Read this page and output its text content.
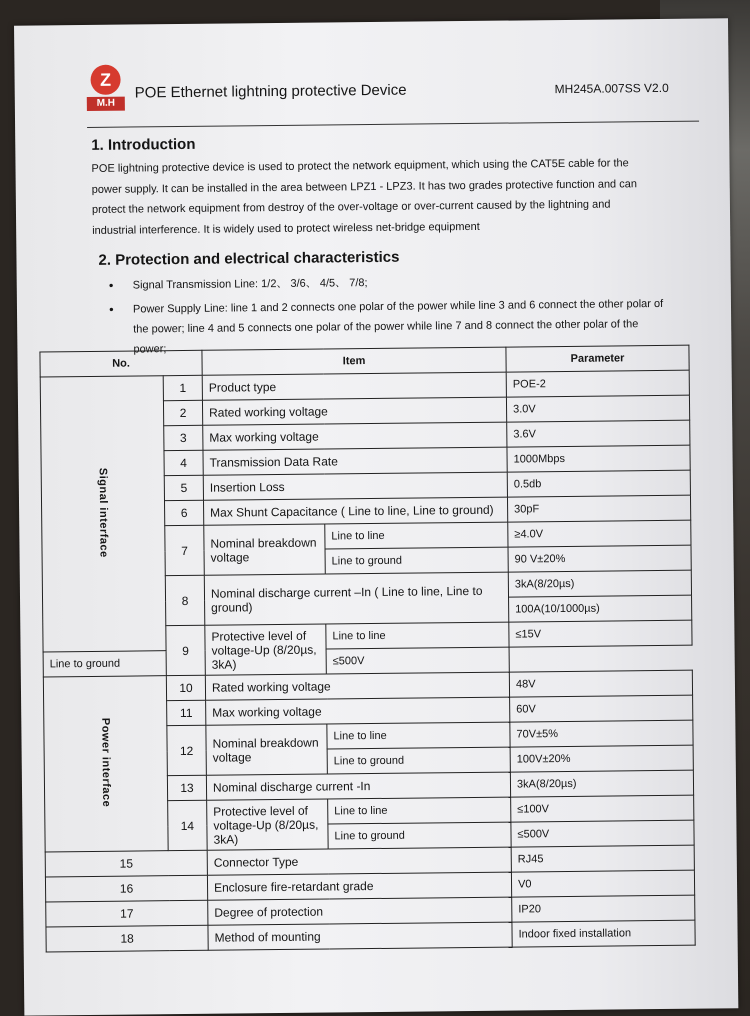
Z
M.H
POE Ethernet lightning protective Device	MH245A.007SS V2.0
1. Introduction
POE lightning protective device is used to protect the network equipment, which using the CAT5E cable for the power supply. It can be installed in the area between LPZ1 - LPZ3. It has two grades protective function and can protect the network equipment from destroy of the over-voltage or over-current caused by the lightning and industrial interference. It is widely used to protect wireless net-bridge equipment
2. Protection and electrical characteristics
● Signal Transmission Line: 1/2、 3/6、 4/5、 7/8;
● Power Supply Line: line 1 and 2 connects one polar of the power while line 3 and 6 connect the other polar of the power; line 4 and 5 connects one polar of the power while line 7 and 8 connect the other polar of the power;
No.		Item		Parameter
Signal interface	1	Product type		POE-2
	2	Rated working voltage		3.0V
	3	Max working voltage		3.6V
	4	Transmission Data Rate		1000Mbps
	5	Insertion Loss		0.5db
	6	Max Shunt Capacitance ( Line to line, Line to ground)		30pF
	7	Nominal breakdown voltage	Line to line	≥4.0V
			Line to ground	90 V±20%
	8	Nominal discharge current –In ( Line to line, Line to ground)		3kA(8/20µs)
				100A(10/1000µs)
	9	Protective level of voltage-Up (8/20µs, 3kA)	Line to line	≤15V
Line to ground			≤500V	
Power interface	10	Rated working voltage		48V
	11	Max working voltage		60V
	12	Nominal breakdown voltage	Line to line	70V±5%
			Line to ground	100V±20%
	13	Nominal discharge current -In		3kA(8/20µs)
	14	Protective level of voltage-Up (8/20µs, 3kA)	Line to line	≤100V
			Line to ground	≤500V
15		Connector Type		RJ45
16		Enclosure fire-retardant grade		V0
17		Degree of protection		IP20
18		Method of mounting		Indoor fixed installation
